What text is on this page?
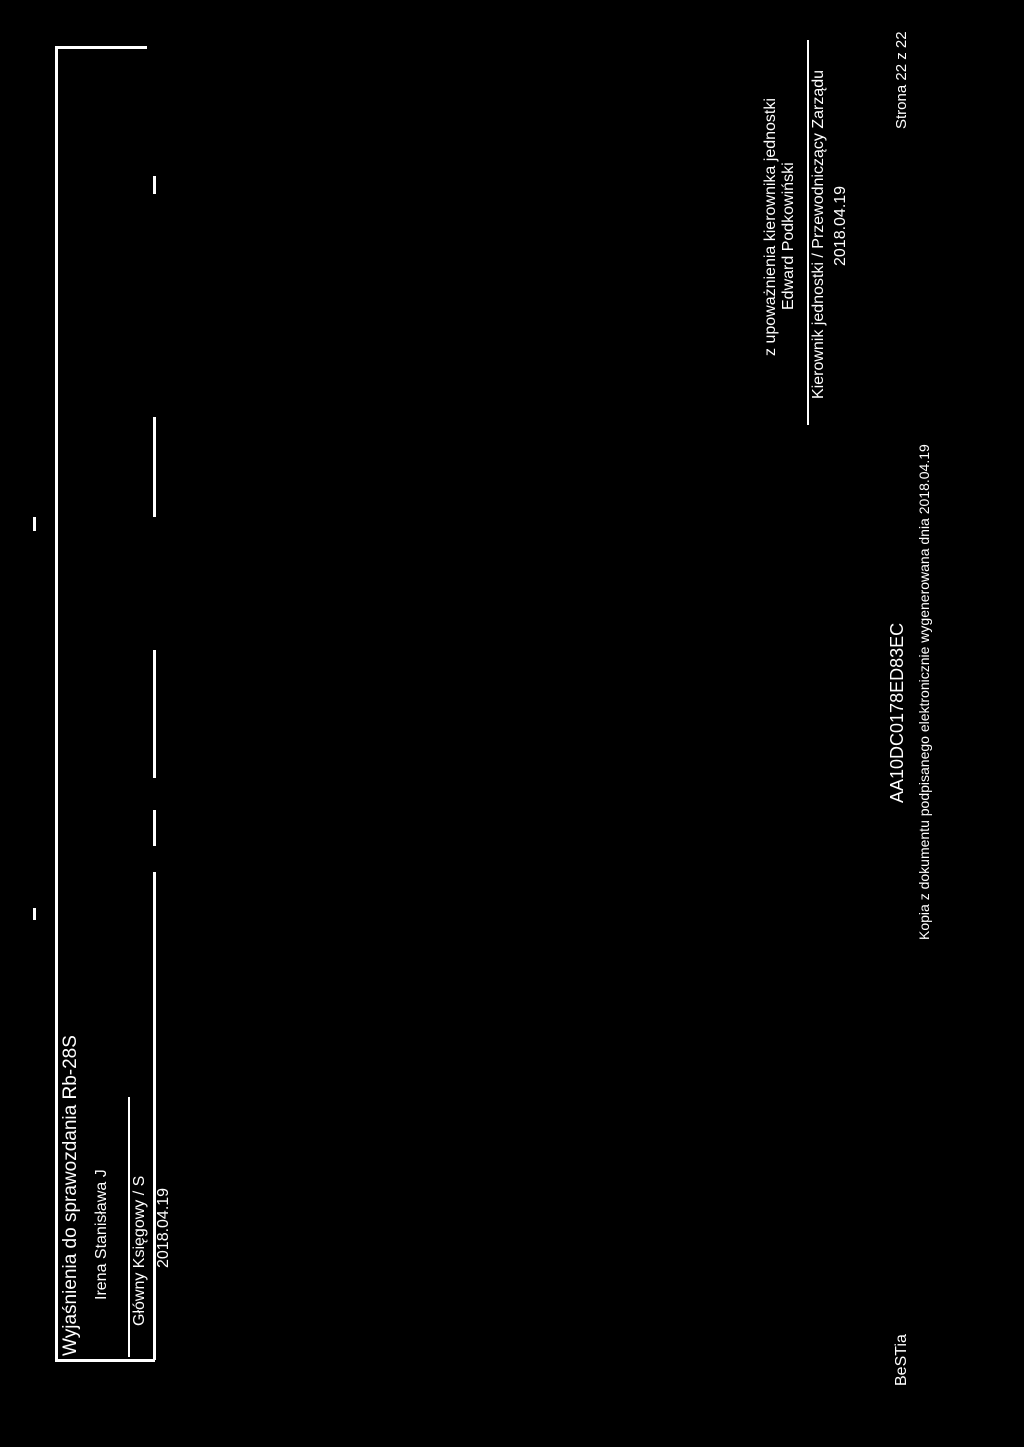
Wyjaśnienia do sprawozdania Rb-28S Irena Stanisława J Główny Księgowy / S 2018.04.19
z upoważnienia kierownika jednostki Edward Podkowiński Kierownik jednostki / Przewodniczący Zarządu 2018.04.19
BeSTia
AA10DC0178ED83EC Kopia z dokumentu podpisanego elektronicznie wygenerowana dnia 2018.04.19
Strona 22 z 22
